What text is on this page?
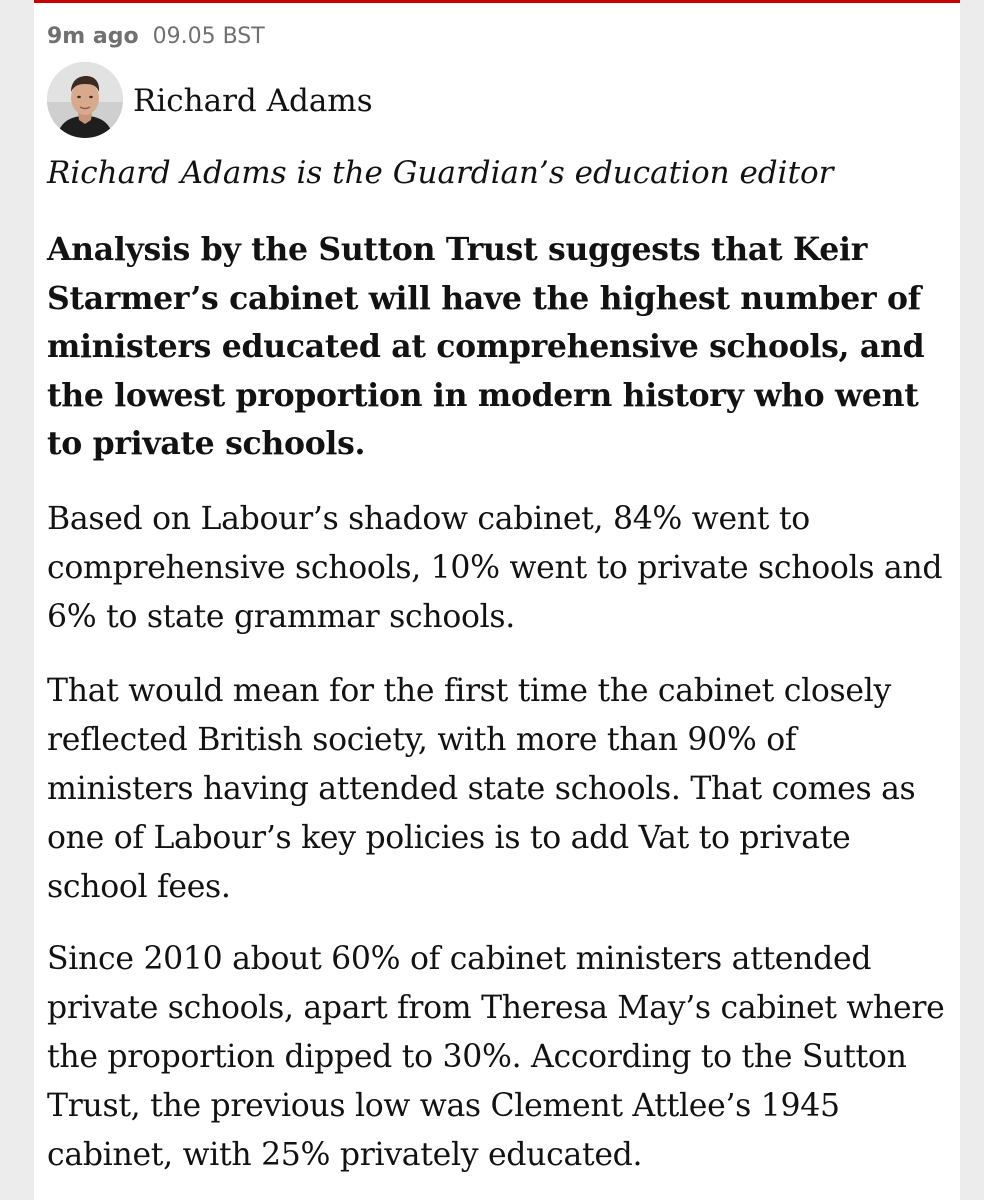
9m ago 09.05 BST
Richard Adams
Richard Adams is the Guardian’s education editor

Analysis by the Sutton Trust suggests that Keir Starmer’s cabinet will have the highest number of ministers educated at comprehensive schools, and the lowest proportion in modern history who went to private schools.

Based on Labour’s shadow cabinet, 84% went to comprehensive schools, 10% went to private schools and 6% to state grammar schools.

That would mean for the first time the cabinet closely reflected British society, with more than 90% of ministers having attended state schools. That comes as one of Labour’s key policies is to add Vat to private school fees.

Since 2010 about 60% of cabinet ministers attended private schools, apart from Theresa May’s cabinet where the proportion dipped to 30%. According to the Sutton Trust, the previous low was Clement Attlee’s 1945 cabinet, with 25% privately educated.
